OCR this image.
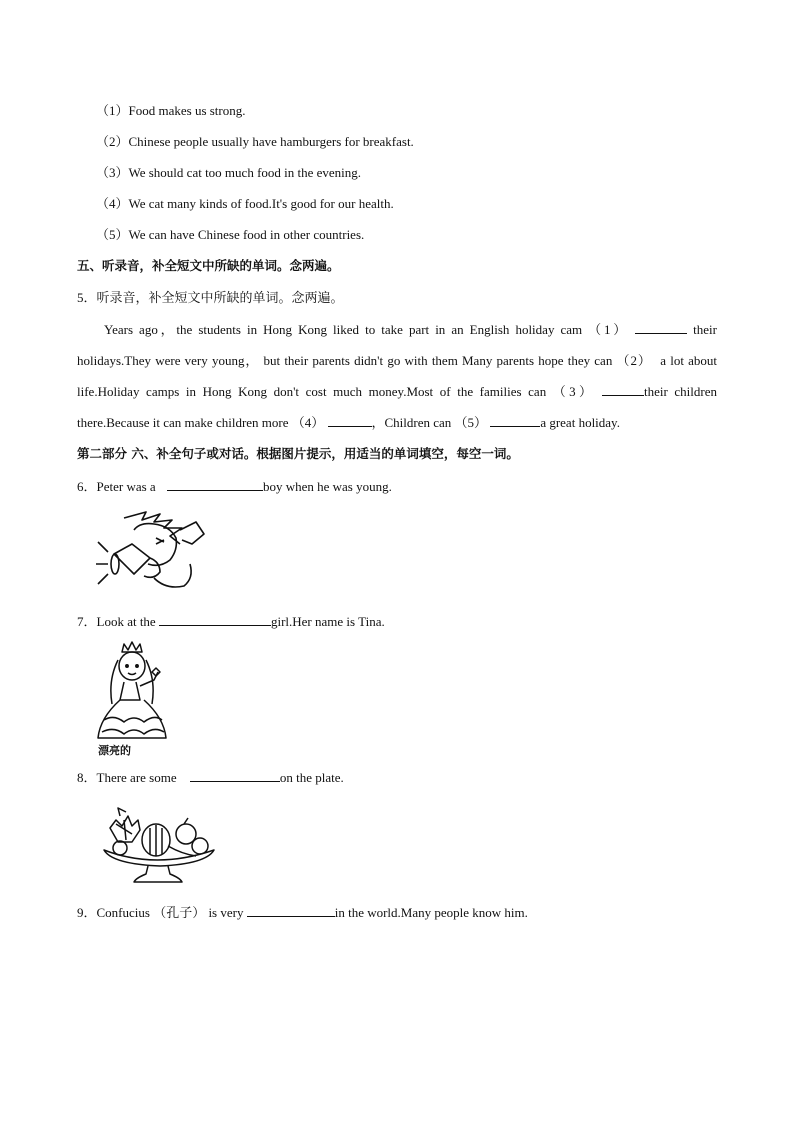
（1）Food makes us strong.
（2）Chinese people usually have hamburgers for breakfast.
（3）We should cat too much food in the evening.
（4）We cat many kinds of food.It's good for our health.
（5）We can have Chinese food in other countries.
五、听录音，补全短文中所缺的单词。念两遍。
5．听录音，补全短文中所缺的单词。念两遍。

Years ago，the students in Hong Kong liked to take part in an English holiday cam （1）	their holidays.They were very young， but their parents didn't go with them Many parents hope they can （2） a lot about life.Holiday camps in Hong Kong don't cost much money.Most of the families can （3）	their children there.Because it can make children more （4）	，Children can （5）	a great holiday.

第二部分 六、补全句子或对话。根据图片提示，用适当的单词填空，每空一词。
6．Peter was a	boy when he was young.
7．Look at the	girl.Her name is Tina.
漂亮的
8．There are some	on the plate.
9．Confucius （孔子） is very	in the world.Many people know him.
